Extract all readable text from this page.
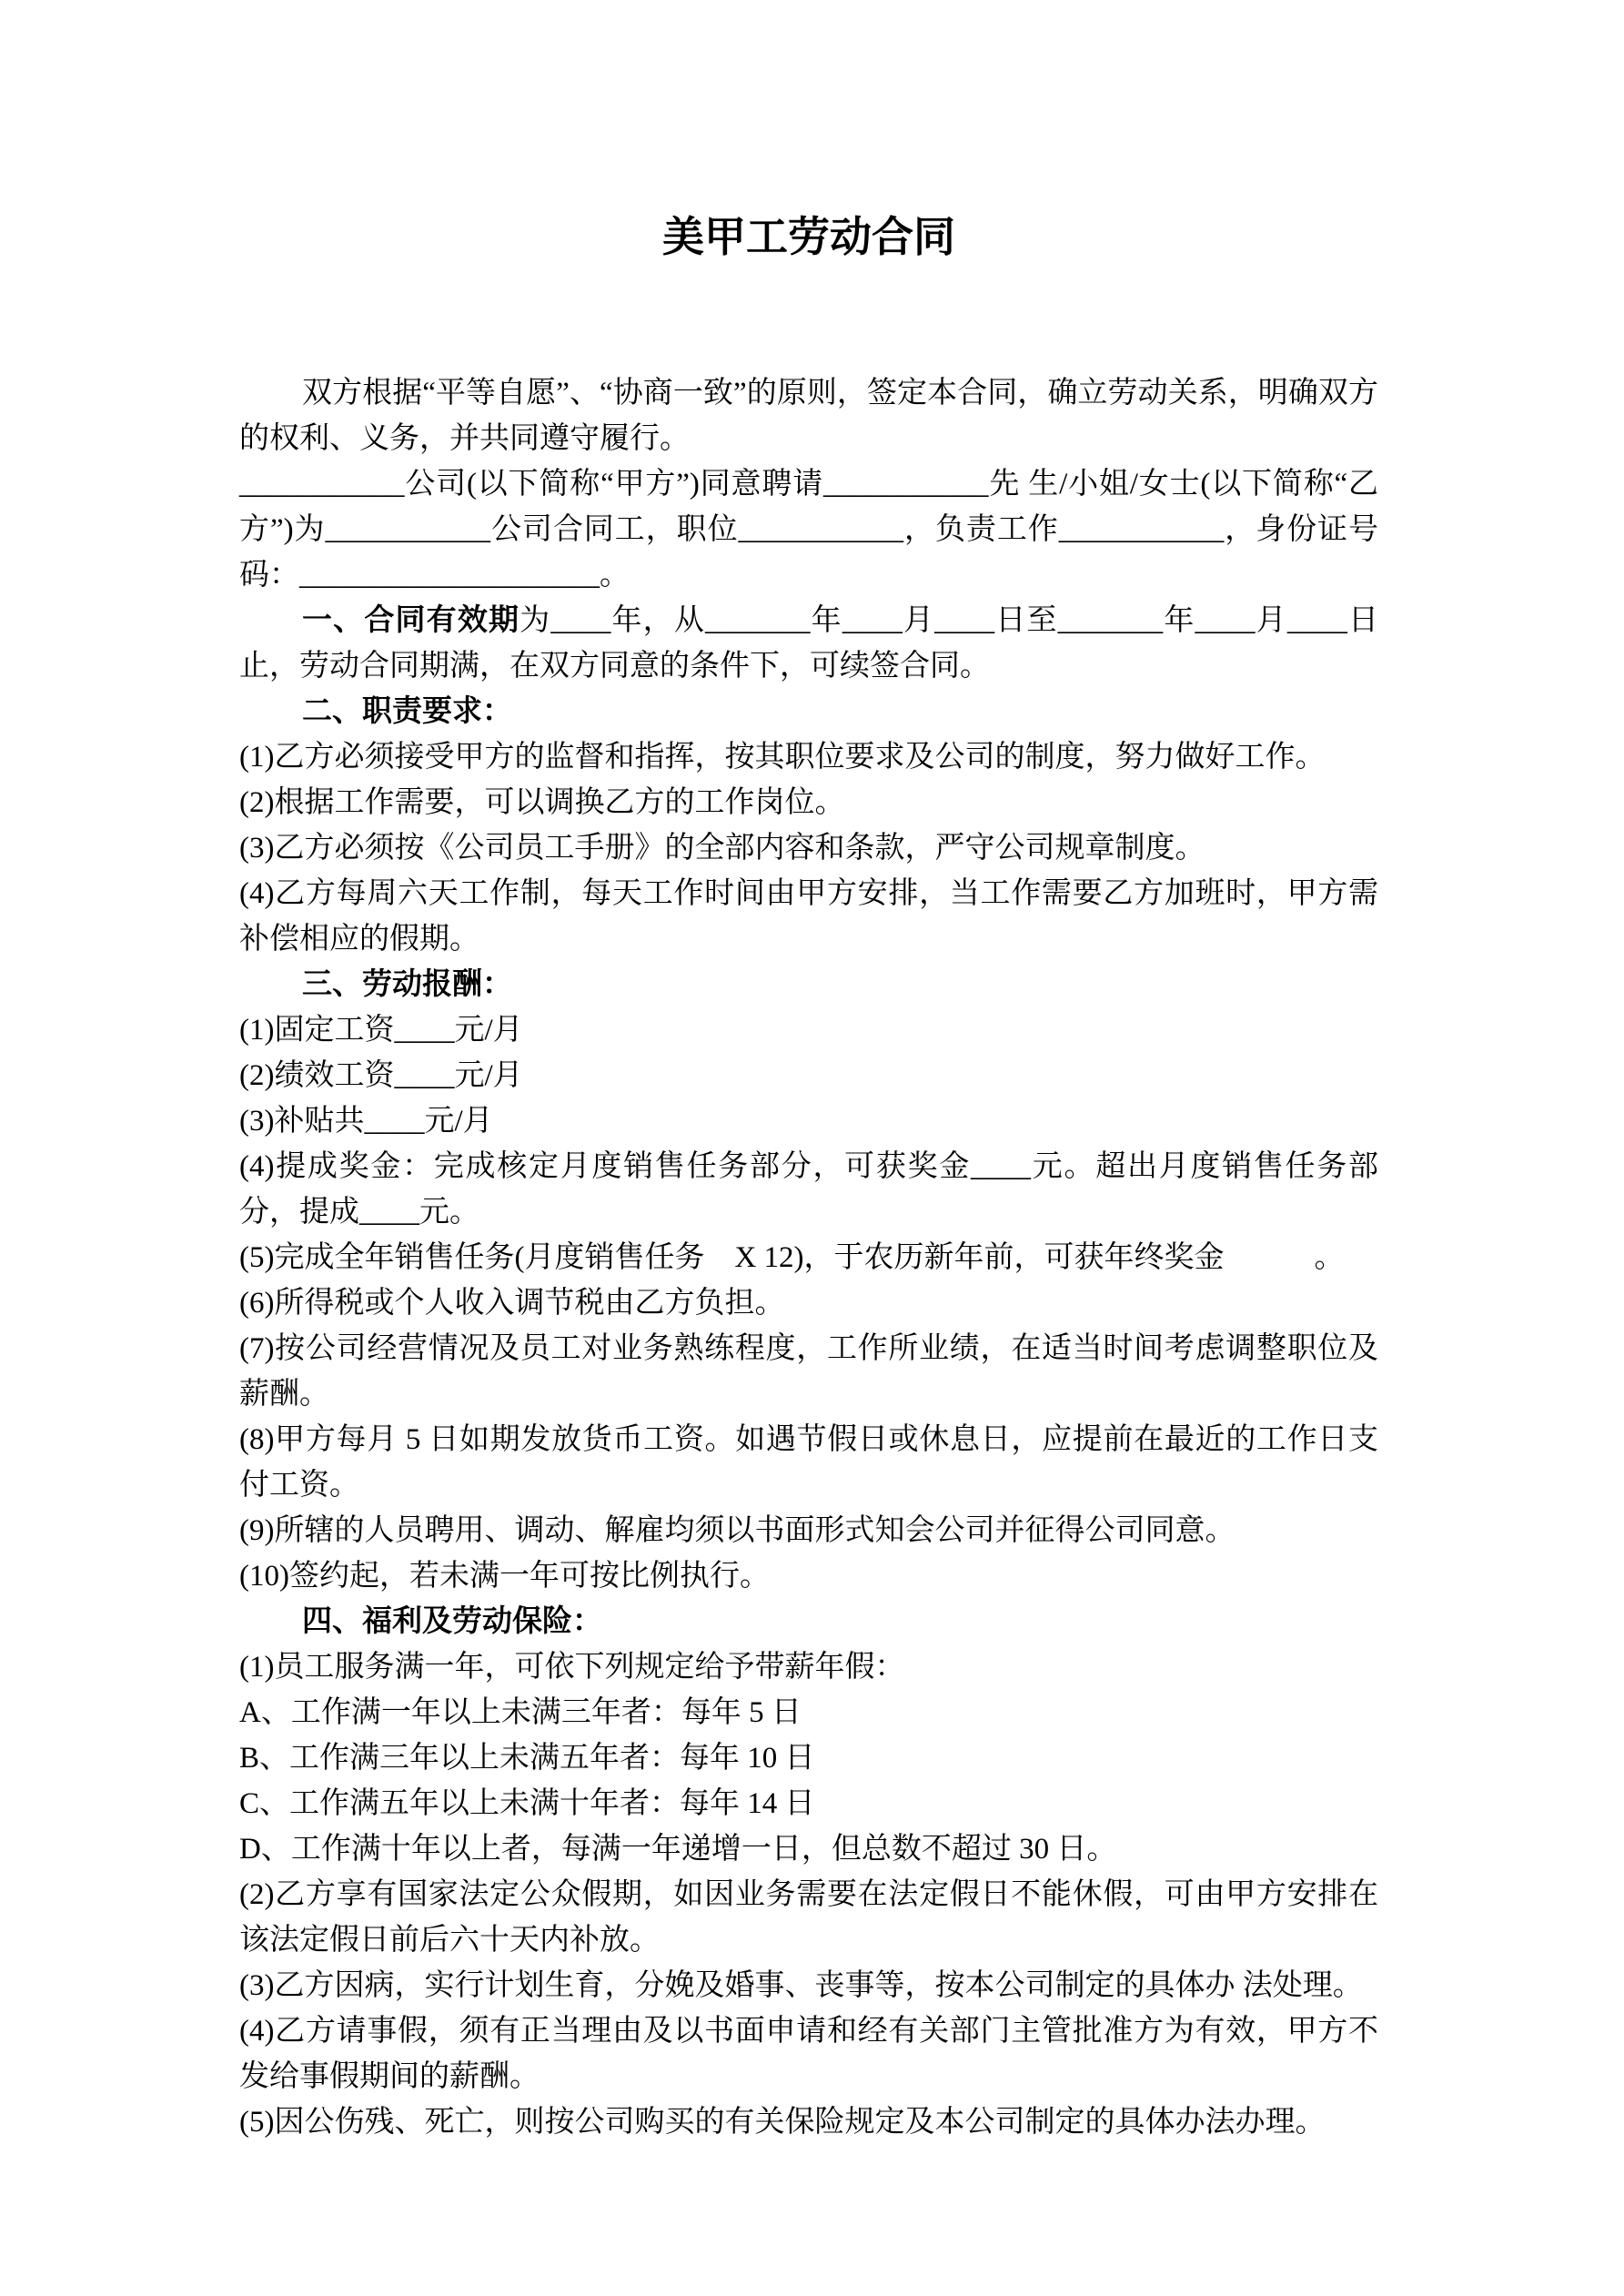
美甲工劳动合同

双方根据“平等自愿”、“协商一致”的原则，签定本合同，确立劳动关系，明确双方的权利、义务，并共同遵守履行。

___________公司(以下简称“甲方”)同意聘请___________先 生/小姐/女士(以下简称“乙方”)为___________公司合同工，职位___________，负责工作___________，身份证号码：____________________。

一、合同有效期为____年，从_______年____月____日至_______年____月____日止，劳动合同期满，在双方同意的条件下，可续签合同。

二、职责要求：

(1)乙方必须接受甲方的监督和指挥，按其职位要求及公司的制度，努力做好工作。

(2)根据工作需要，可以调换乙方的工作岗位。

(3)乙方必须按《公司员工手册》的全部内容和条款，严守公司规章制度。

(4)乙方每周六天工作制，每天工作时间由甲方安排，当工作需要乙方加班时，甲方需补偿相应的假期。

三、劳动报酬：

(1)固定工资____元/月

(2)绩效工资____元/月

(3)补贴共____元/月

(4)提成奖金：完成核定月度销售任务部分，可获奖金____元。超出月度销售任务部分，提成____元。

(5)完成全年销售任务(月度销售任务　X 12)，于农历新年前，可获年终奖金　　　。

(6)所得税或个人收入调节税由乙方负担。

(7)按公司经营情况及员工对业务熟练程度，工作所业绩，在适当时间考虑调整职位及薪酬。

(8)甲方每月 5 日如期发放货币工资。如遇节假日或休息日，应提前在最近的工作日支付工资。

(9)所辖的人员聘用、调动、解雇均须以书面形式知会公司并征得公司同意。

(10)签约起，若未满一年可按比例执行。

四、福利及劳动保险：

(1)员工服务满一年，可依下列规定给予带薪年假：

A、工作满一年以上未满三年者：每年 5 日

B、工作满三年以上未满五年者：每年 10 日

C、工作满五年以上未满十年者：每年 14 日

D、工作满十年以上者，每满一年递增一日，但总数不超过 30 日。

(2)乙方享有国家法定公众假期，如因业务需要在法定假日不能休假，可由甲方安排在该法定假日前后六十天内补放。

(3)乙方因病，实行计划生育，分娩及婚事、丧事等，按本公司制定的具体办 法处理。

(4)乙方请事假，须有正当理由及以书面申请和经有关部门主管批准方为有效，甲方不发给事假期间的薪酬。

(5)因公伤残、死亡，则按公司购买的有关保险规定及本公司制定的具体办法办理。
